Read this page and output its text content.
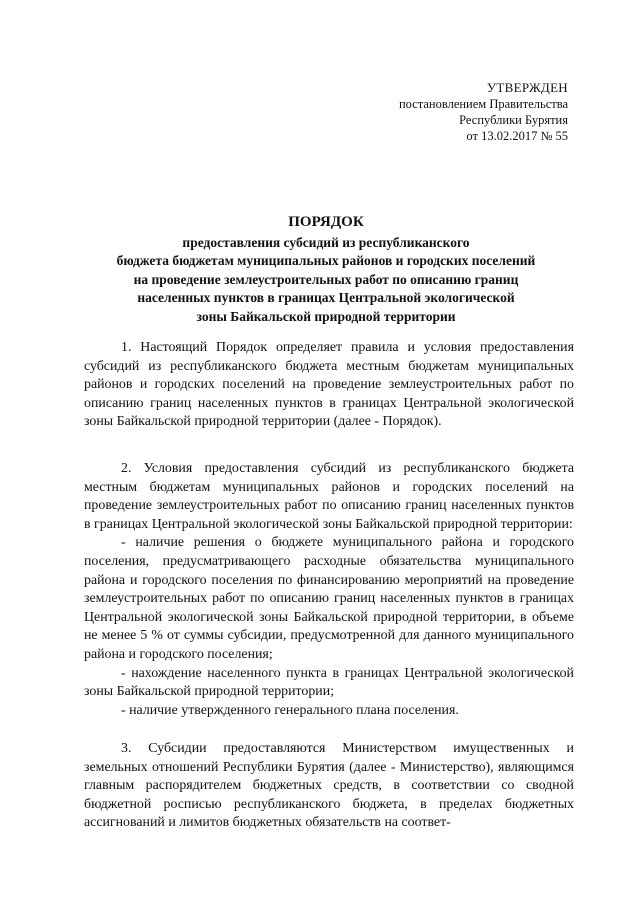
УТВЕРЖДЕН
постановлением Правительства
Республики Бурятия
от 13.02.2017 № 55
ПОРЯДОК
предоставления субсидий из республиканского
бюджета бюджетам муниципальных районов и городских поселений
на проведение землеустроительных работ по описанию границ
населенных пунктов в границах Центральной экологической
зоны Байкальской природной территории

1. Настоящий Порядок определяет правила и условия предоставления субсидий из республиканского бюджета местным бюджетам муниципальных районов и городских поселений на проведение землеустроительных работ по описанию границ населенных пунктов в границах Центральной экологической зоны Байкальской природной территории (далее - Порядок).

2. Условия предоставления субсидий из республиканского бюджета местным бюджетам муниципальных районов и городских поселений на проведение землеустроительных работ по описанию границ населенных пунктов в границах Центральной экологической зоны Байкальской природной территории:

- наличие решения о бюджете муниципального района и городского поселения, предусматривающего расходные обязательства муниципального района и городского поселения по финансированию мероприятий на проведение землеустроительных работ по описанию границ населенных пунктов в границах Центральной экологической зоны Байкальской природной территории, в объеме не менее 5 % от суммы субсидии, предусмотренной для данного муниципального района и городского поселения;

- нахождение населенного пункта в границах Центральной экологической зоны Байкальской природной территории;

- наличие утвержденного генерального плана поселения.

3. Субсидии предоставляются Министерством имущественных и земельных отношений Республики Бурятия (далее - Министерство), являющимся главным распорядителем бюджетных средств, в соответствии со сводной бюджетной росписью республиканского бюджета, в пределах бюджетных ассигнований и лимитов бюджетных обязательств на соответ-
